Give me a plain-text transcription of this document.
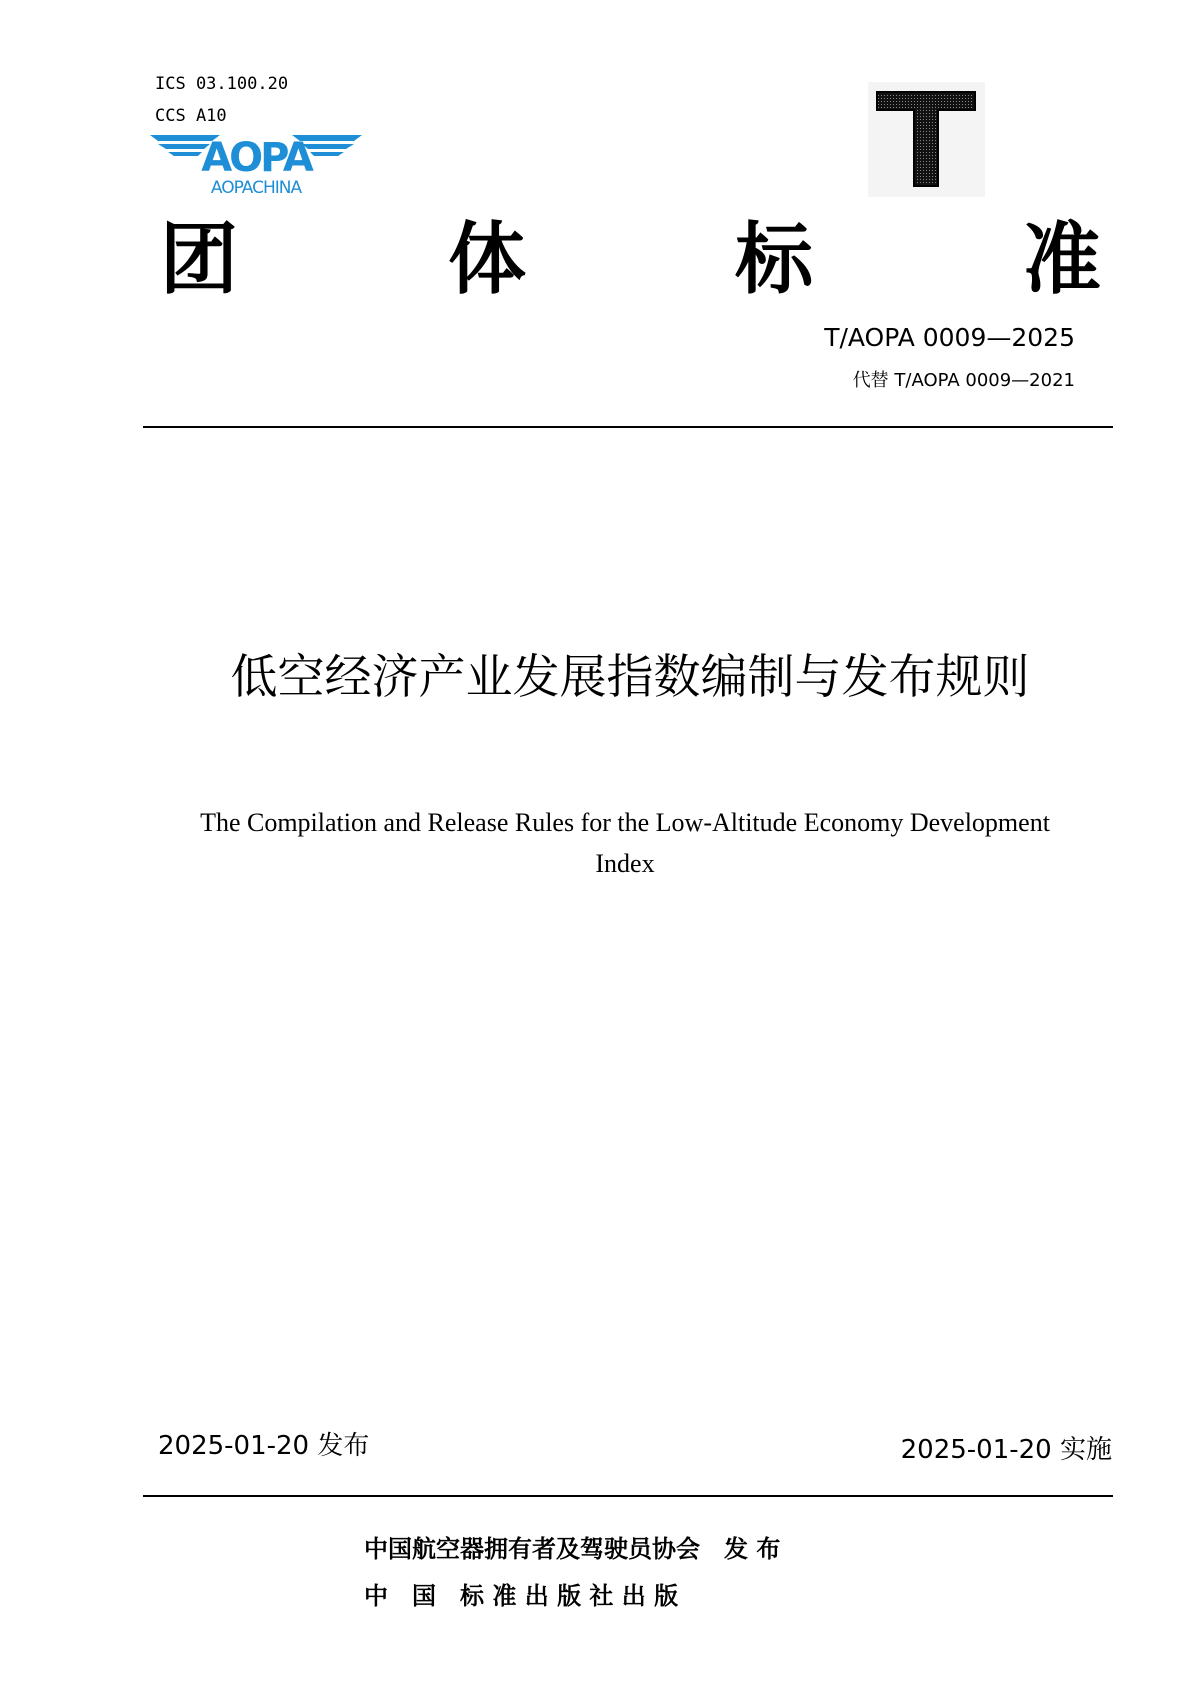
ICS 03.100.20
CCS A10
AOPA
AOPACHINA
T
团	体	标	准
T/AOPA 0009—2025
代替 T/AOPA 0009—2021
低空经济产业发展指数编制与发布规则
The Compilation and Release Rules for the Low-Altitude Economy Development
Index
2025-01-20 发布	2025-01-20 实施
中国航空器拥有者及驾驶员协会　发 布
中　国　标 准 出 版 社 出 版
